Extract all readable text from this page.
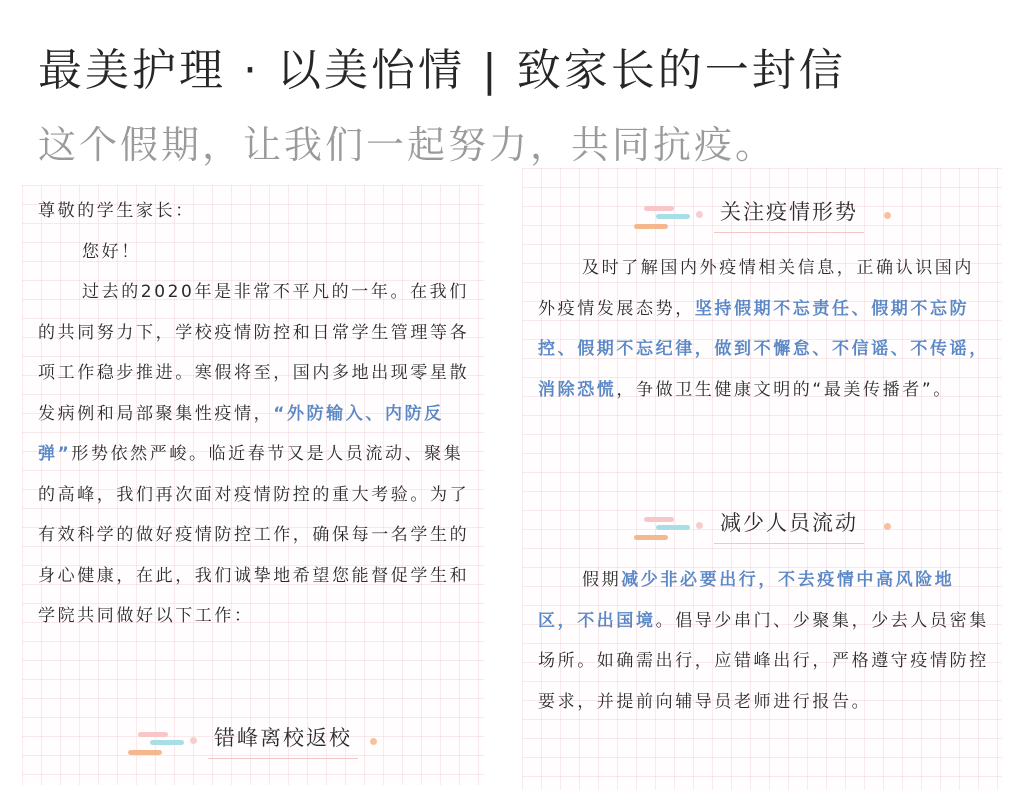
最美护理 · 以美怡情 | 致家长的一封信
这个假期，让我们一起努力，共同抗疫。

尊敬的学生家长：

您好！

过去的2020年是非常不平凡的一年。在我们的共同努力下，学校疫情防控和日常学生管理等各项工作稳步推进。寒假将至，国内多地出现零星散发病例和局部聚集性疫情，“外防输入、内防反弹”形势依然严峻。临近春节又是人员流动、聚集的高峰，我们再次面对疫情防控的重大考验。为了有效科学的做好疫情防控工作，确保每一名学生的身心健康，在此，我们诚挚地希望您能督促学生和学院共同做好以下工作：
错峰离校返校
关注疫情形势
及时了解国内外疫情相关信息，正确认识国内外疫情发展态势，坚持假期不忘责任、假期不忘防控、假期不忘纪律，做到不懈怠、不信谣、不传谣，消除恐慌，争做卫生健康文明的“最美传播者”。
减少人员流动
假期减少非必要出行，不去疫情中高风险地区，不出国境。倡导少串门、少聚集，少去人员密集场所。如确需出行，应错峰出行，严格遵守疫情防控要求，并提前向辅导员老师进行报告。
